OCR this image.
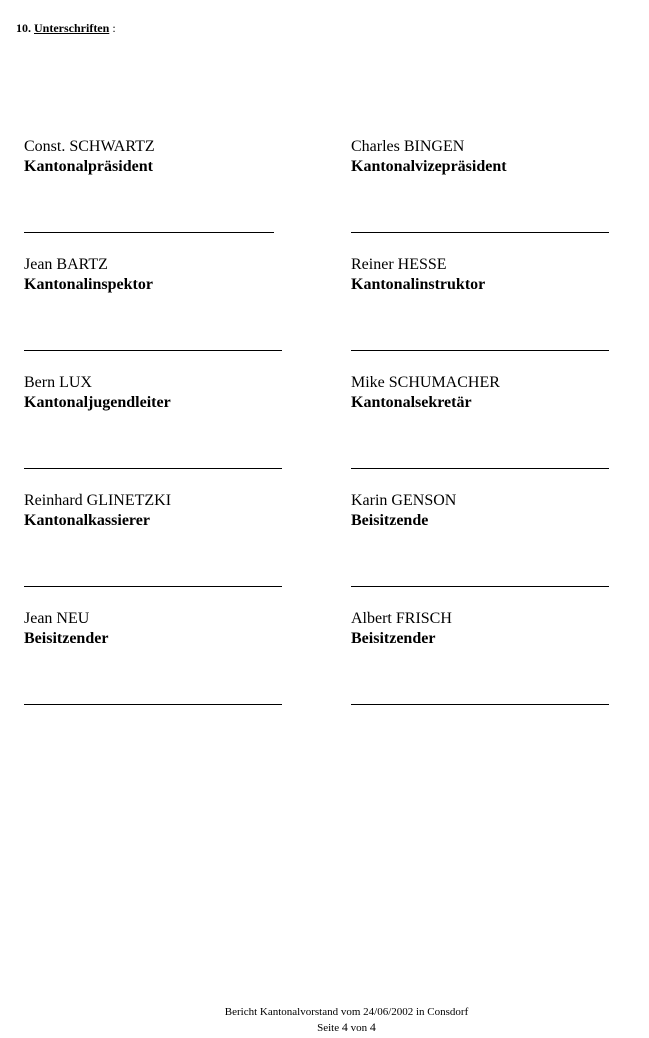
10. Unterschriften :
Const. SCHWARTZ
Kantonalpräsident
Charles BINGEN
Kantonalvizepräsident
Jean BARTZ
Kantonalinspektor
Reiner HESSE
Kantonalinstruktor
Bern LUX
Kantonaljugendleiter
Mike SCHUMACHER
Kantonalsekretär
Reinhard GLINETZKI
Kantonalkassierer
Karin GENSON
Beisitzende
Jean NEU
Beisitzender
Albert FRISCH
Beisitzender
Bericht Kantonalvorstand vom 24/06/2002 in Consdorf
Seite 4 von 4
